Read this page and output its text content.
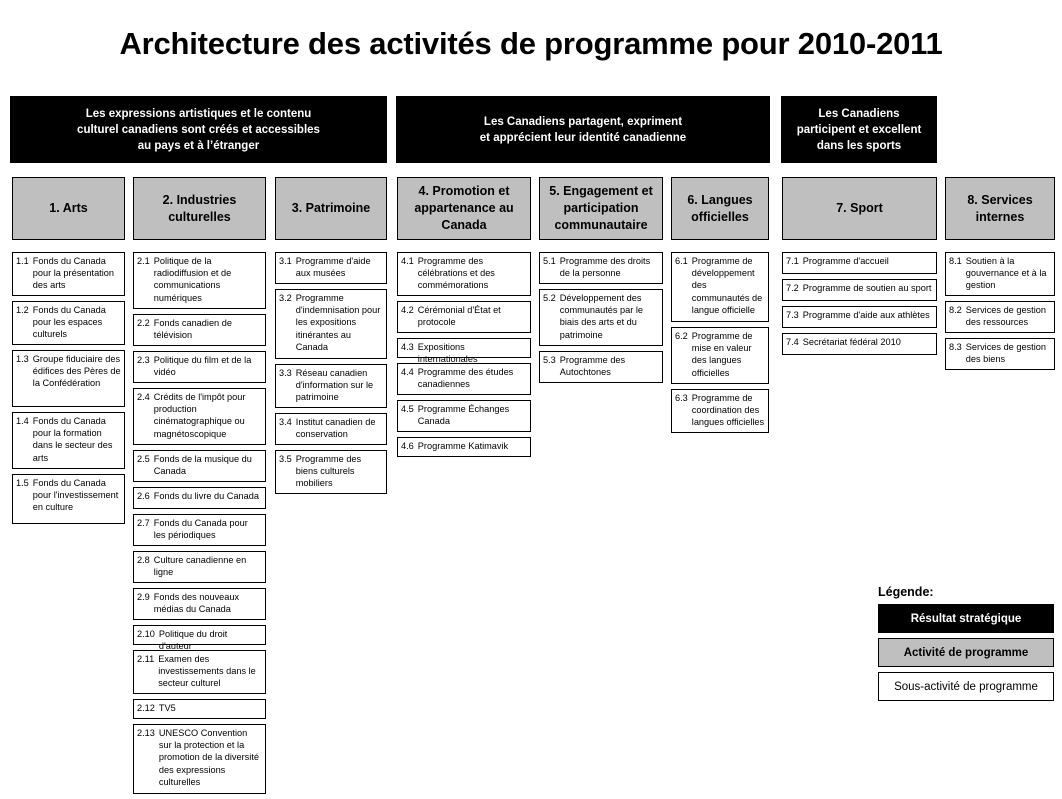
Architecture des activités de programme pour 2010-2011
Les expressions artistiques et le contenu
culturel canadiens sont créés et accessibles
au pays et à l’étranger
Les Canadiens partagent, expriment
et apprécient leur identité canadienne
Les Canadiens
participent et excellent
dans les sports
1. Arts
2. Industries
culturelles
3. Patrimoine
4. Promotion et
appartenance au
Canada
5. Engagement et
participation
communautaire
6. Langues
officielles
7. Sport
8. Services
internes
1.1 Fonds du Canada pour la présentation des arts
1.2 Fonds du Canada pour les espaces culturels
1.3 Groupe fiduciaire des édifices des Pères de la Confédération
1.4 Fonds du Canada pour la formation dans le secteur des arts
1.5 Fonds du Canada pour l'investissement en culture
2.1 Politique de la radiodiffusion et de communications numériques
2.2 Fonds canadien de télévision
2.3 Politique du film et de la vidéo
2.4 Crédits de l'impôt pour production cinématographique ou magnétoscopique
2.5 Fonds de la musique du Canada
2.6 Fonds du livre du Canada
2.7 Fonds du Canada pour les périodiques
2.8 Culture canadienne en ligne
2.9 Fonds des nouveaux médias du Canada
2.10 Politique du droit d'auteur
2.11 Examen des investissements dans le secteur culturel
2.12 TV5
2.13 UNESCO Convention sur la protection et la promotion de la diversité des expressions culturelles
3.1 Programme d'aide aux musées
3.2 Programme d'indemnisation pour les expositions itinérantes au Canada
3.3 Réseau canadien d'information sur le patrimoine
3.4 Institut canadien de conservation
3.5 Programme des biens culturels mobiliers
4.1 Programme des célébrations et des commémorations
4.2 Cérémonial d'État et protocole
4.3 Expositions internationales
4.4 Programme des études canadiennes
4.5 Programme Échanges Canada
4.6 Programme Katimavik
5.1 Programme des droits de la personne
5.2 Développement des communautés par le biais des arts et du patrimoine
5.3 Programme des Autochtones
6.1 Programme de développement des communautés de langue officielle
6.2 Programme de mise en valeur des langues officielles
6.3 Programme de coordination des langues officielles
7.1 Programme d'accueil
7.2 Programme de soutien au sport
7.3 Programme d'aide aux athlètes
7.4 Secrétariat fédéral 2010
8.1 Soutien à la gouvernance et à la gestion
8.2 Services de gestion des ressources
8.3 Services de gestion des biens
Légende:
Résultat stratégique
Activité de programme
Sous-activité de programme
